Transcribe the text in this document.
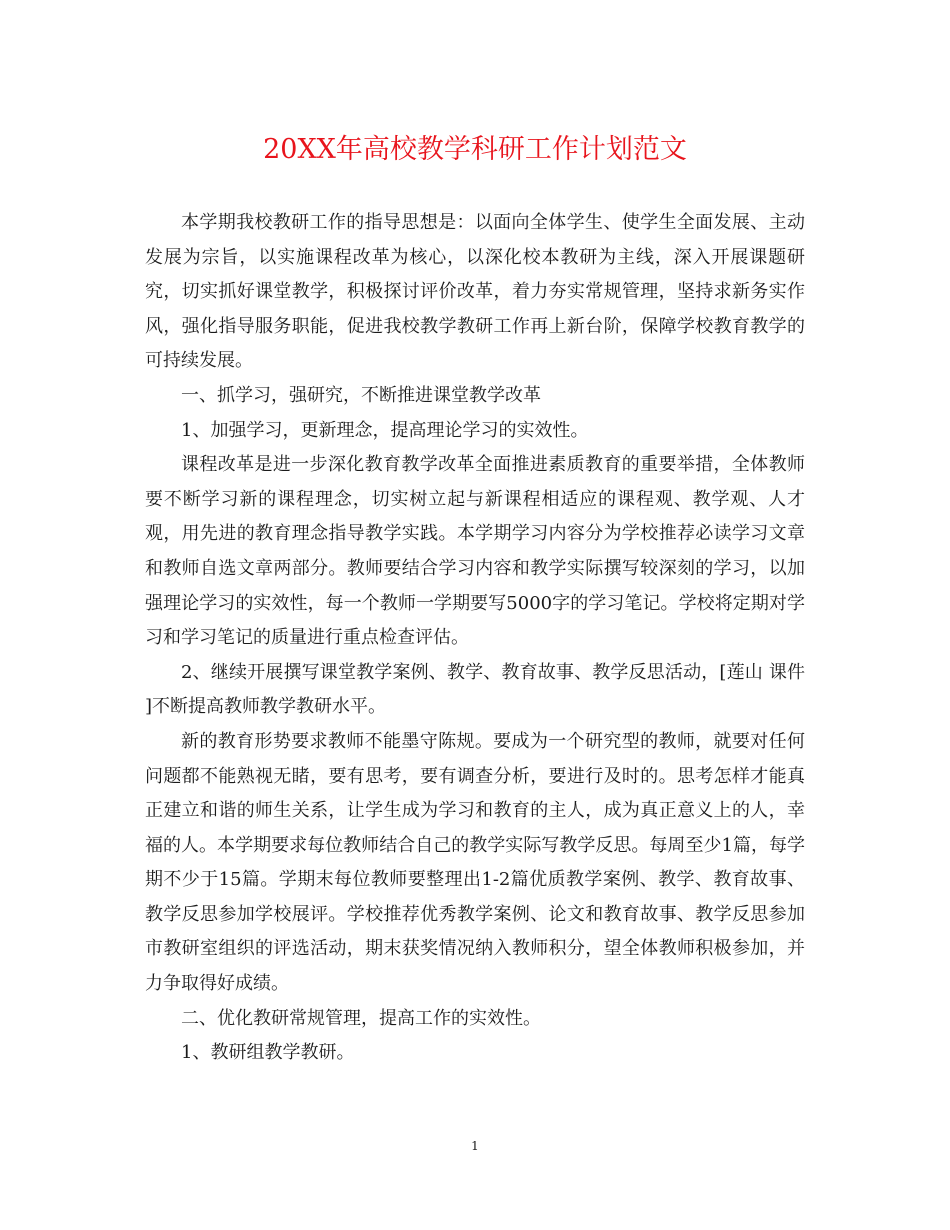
20XX年高校教学科研工作计划范文

本学期我校教研工作的指导思想是：以面向全体学生、使学生全面发展、主动发展为宗旨，以实施课程改革为核心，以深化校本教研为主线，深入开展课题研究，切实抓好课堂教学，积极探讨评价改革，着力夯实常规管理，坚持求新务实作风，强化指导服务职能，促进我校教学教研工作再上新台阶，保障学校教育教学的可持续发展。

一、抓学习，强研究，不断推进课堂教学改革

1、加强学习，更新理念，提高理论学习的实效性。

课程改革是进一步深化教育教学改革全面推进素质教育的重要举措，全体教师要不断学习新的课程理念，切实树立起与新课程相适应的课程观、教学观、人才观，用先进的教育理念指导教学实践。本学期学习内容分为学校推荐必读学习文章和教师自选文章两部分。教师要结合学习内容和教学实际撰写较深刻的学习，以加强理论学习的实效性，每一个教师一学期要写5000字的学习笔记。学校将定期对学习和学习笔记的质量进行重点检查评估。

2、继续开展撰写课堂教学案例、教学、教育故事、教学反思活动，[莲山 课件 ]不断提高教师教学教研水平。

新的教育形势要求教师不能墨守陈规。要成为一个研究型的教师，就要对任何问题都不能熟视无睹，要有思考，要有调查分析，要进行及时的。思考怎样才能真正建立和谐的师生关系，让学生成为学习和教育的主人，成为真正意义上的人，幸福的人。本学期要求每位教师结合自己的教学实际写教学反思。每周至少1篇，每学期不少于15篇。学期末每位教师要整理出1-2篇优质教学案例、教学、教育故事、教学反思参加学校展评。学校推荐优秀教学案例、论文和教育故事、教学反思参加市教研室组织的评选活动，期末获奖情况纳入教师积分，望全体教师积极参加，并力争取得好成绩。

二、优化教研常规管理，提高工作的实效性。

1、教研组教学教研。

1
